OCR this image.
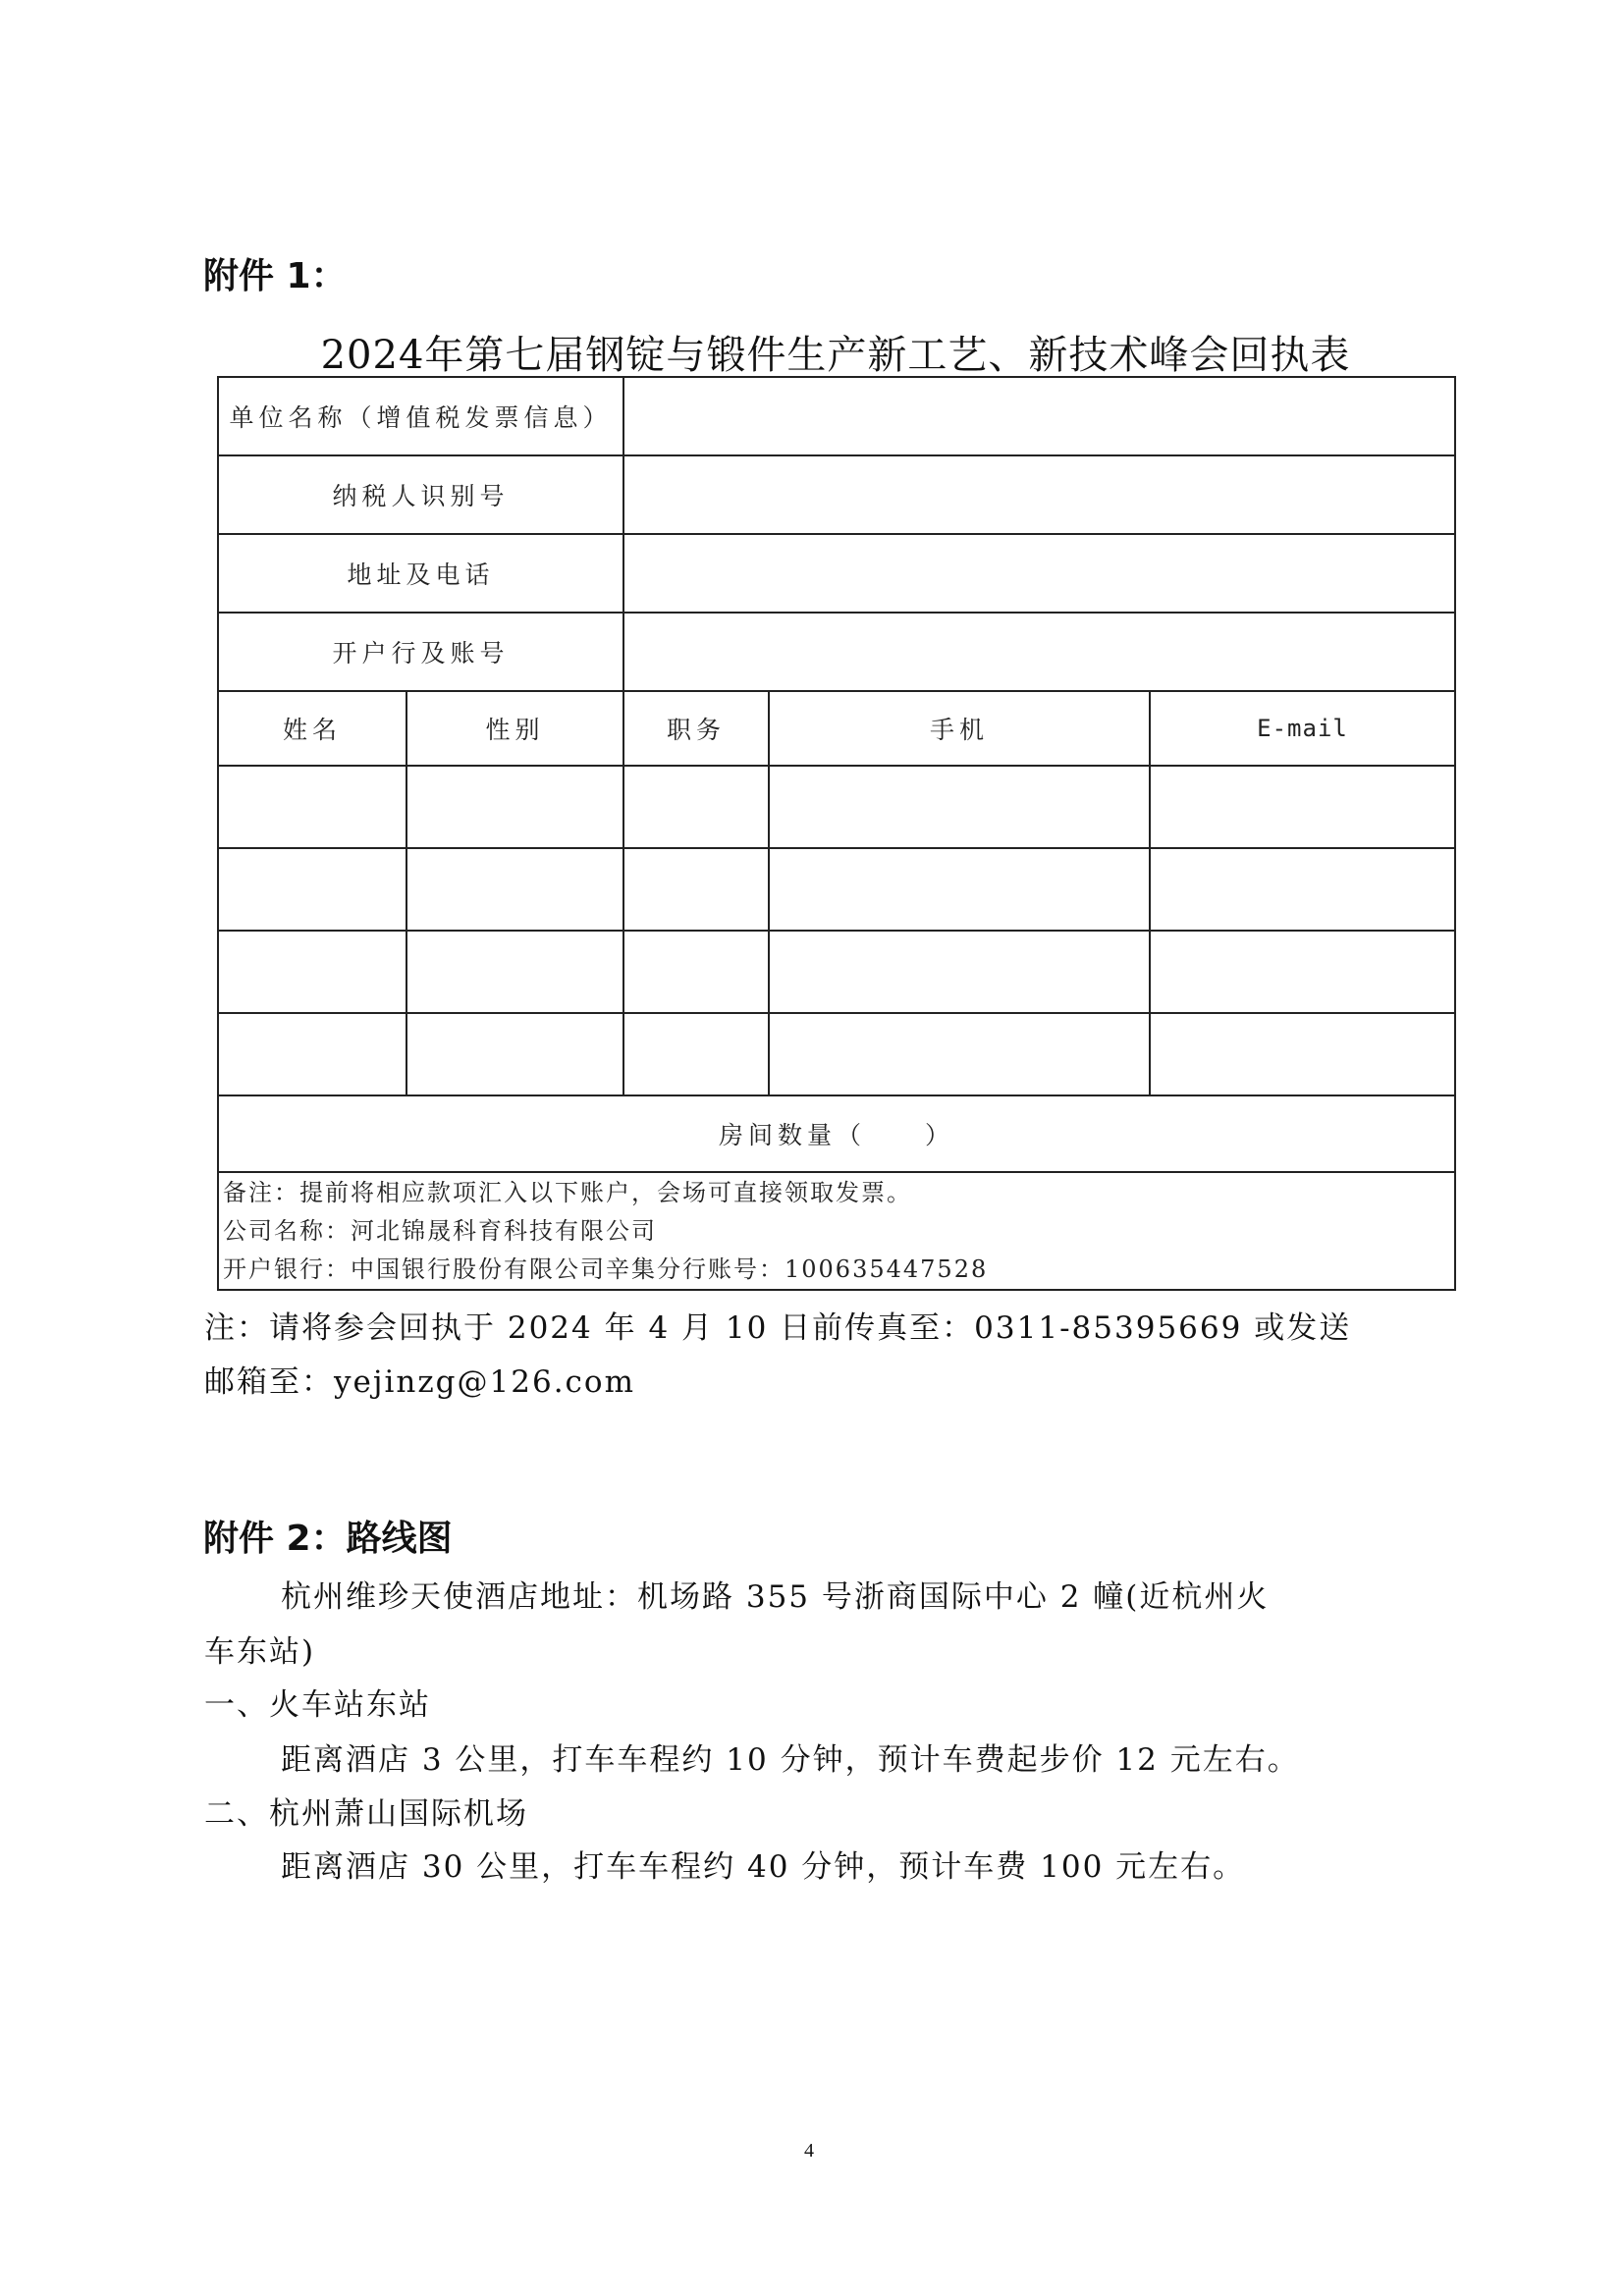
附件 1：
2024年第七届钢锭与锻件生产新工艺、新技术峰会回执表
单位名称（增值税发票信息）				
纳税人识别号				
地址及电话				
开户行及账号				
姓名	性别	职务	手机	E-mail

房间数量（　　）				

备注：提前将相应款项汇入以下账户，会场可直接领取发票。
公司名称：河北锦晟科育科技有限公司
开户银行：中国银行股份有限公司辛集分行账号：100635447528				
注：请将参会回执于 2024 年 4 月 10 日前传真至：0311-85395669 或发送
邮箱至：yejinzg@126.com
附件 2：路线图
杭州维珍天使酒店地址：机场路 355 号浙商国际中心 2 幢(近杭州火
车东站)
一、火车站东站
距离酒店 3 公里，打车车程约 10 分钟，预计车费起步价 12 元左右。
二、杭州萧山国际机场
距离酒店 30 公里，打车车程约 40 分钟，预计车费 100 元左右。
4
